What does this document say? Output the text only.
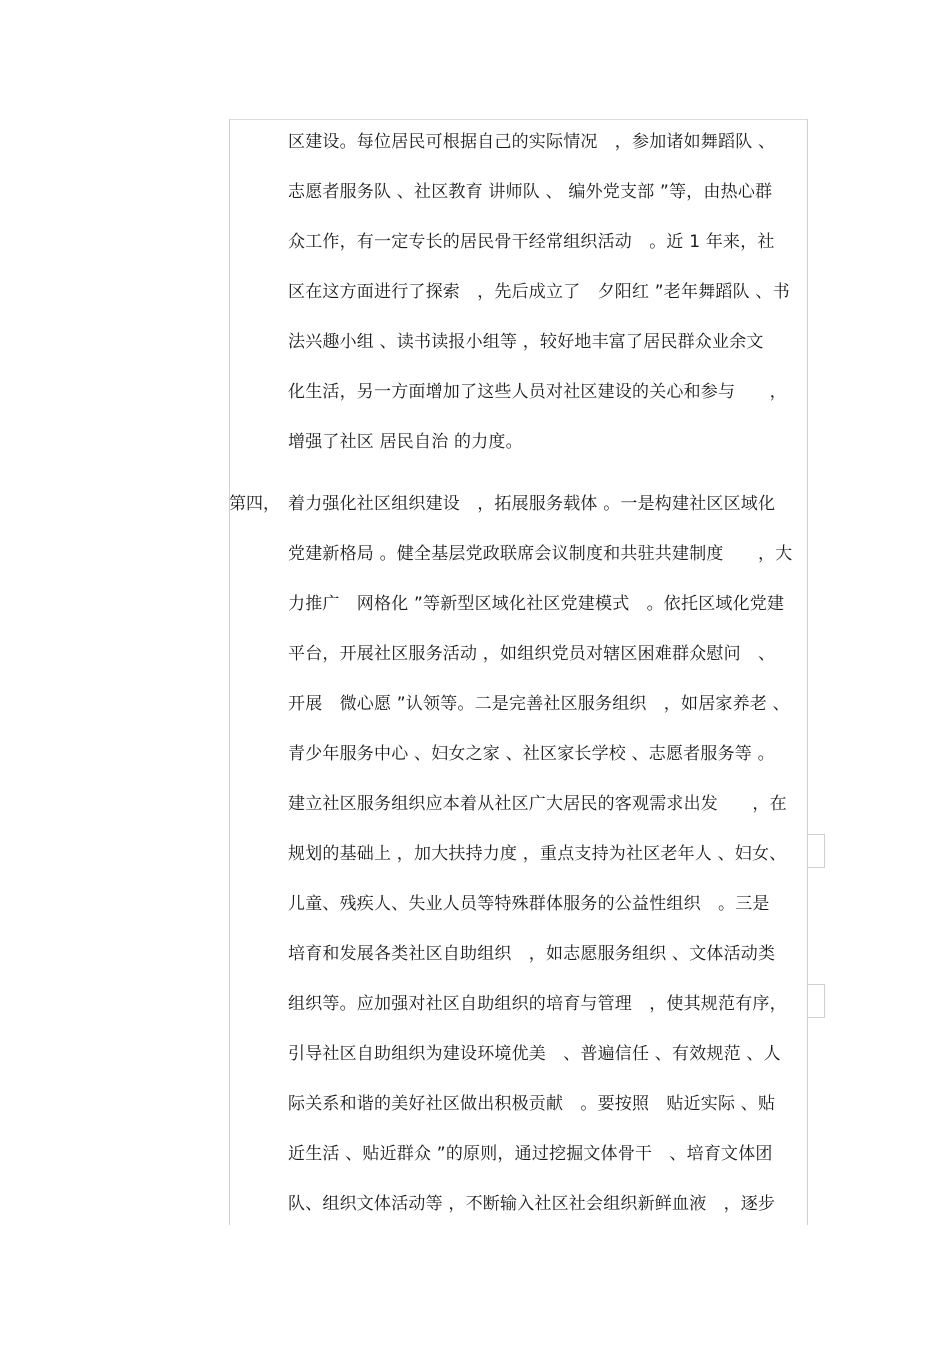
区建设。每位居民可根据自己的实际情况　，参加诸如舞蹈队 、
志愿者服务队 、社区教育 讲师队 、 编外党支部 ”等，由热心群
众工作，有一定专长的居民骨干经常组织活动　。近 1 年来，社
区在这方面进行了探索　，先后成立了　夕阳红 ”老年舞蹈队 、书
法兴趣小组 、读书读报小组等 ，较好地丰富了居民群众业余文
化生活，另一方面增加了这些人员对社区建设的关心和参与　　，
增强了社区 居民自治 的力度。
第四， 着力强化社区组织建设　，拓展服务载体 。一是构建社区区域化
党建新格局 。健全基层党政联席会议制度和共驻共建制度　　，大
力推广　网格化 ”等新型区域化社区党建模式　。依托区域化党建
平台，开展社区服务活动 ，如组织党员对辖区困难群众慰问　、
开展　微心愿 ”认领等。二是完善社区服务组织　，如居家养老 、
青少年服务中心 、妇女之家 、社区家长学校 、志愿者服务等 。
建立社区服务组织应本着从社区广大居民的客观需求出发　　，在
规划的基础上 ，加大扶持力度 ，重点支持为社区老年人 、妇女、
儿童、残疾人、失业人员等特殊群体服务的公益性组织　。三是
培育和发展各类社区自助组织　，如志愿服务组织 、文体活动类
组织等。应加强对社区自助组织的培育与管理　，使其规范有序，
引导社区自助组织为建设环境优美　、普遍信任 、有效规范 、人
际关系和谐的美好社区做出积极贡献　。要按照　贴近实际 、贴
近生活 、贴近群众 ”的原则，通过挖掘文体骨干　、培育文体团
队、组织文体活动等 ，不断输入社区社会组织新鲜血液　，逐步
